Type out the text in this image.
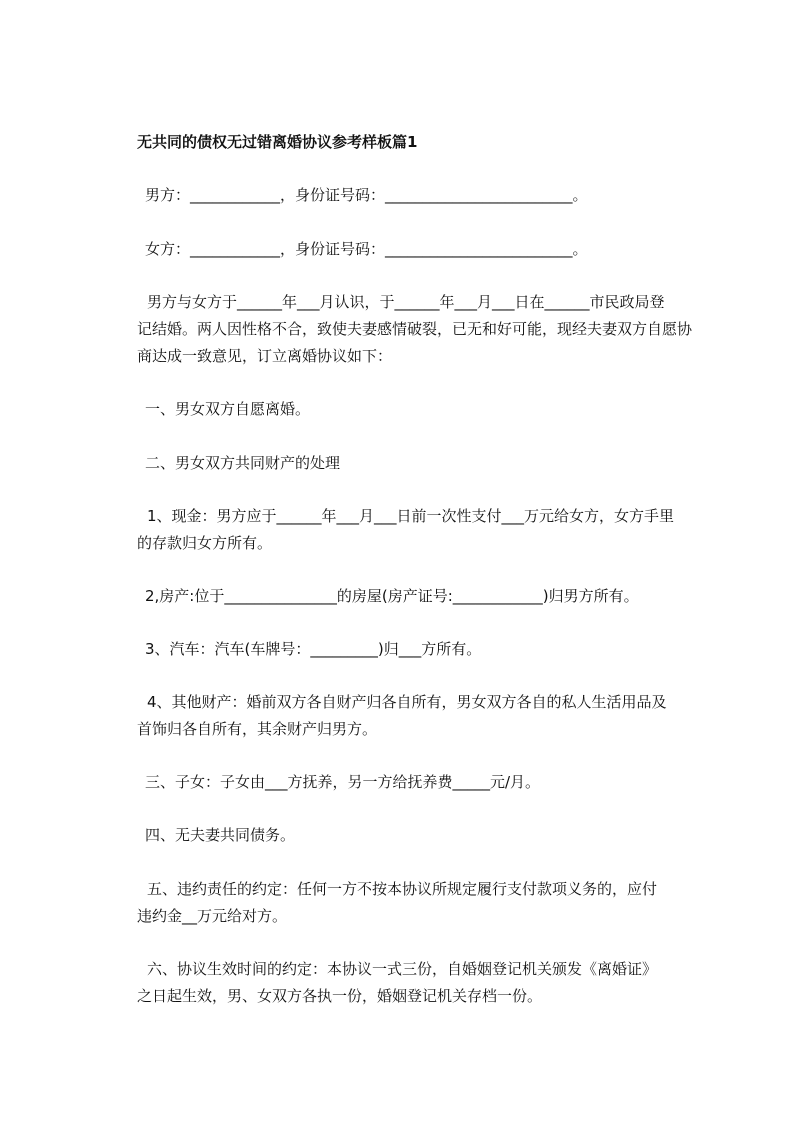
无共同的债权无过错离婚协议参考样板篇1
男方：____________，身份证号码：_________________________。
女方：____________，身份证号码：_________________________。
男方与女方于______年___月认识，于______年___月___日在______市民政局登
记结婚。两人因性格不合，致使夫妻感情破裂，已无和好可能，现经夫妻双方自愿协
商达成一致意见，订立离婚协议如下：
一、男女双方自愿离婚。
二、男女双方共同财产的处理
1、现金：男方应于______年___月___日前一次性支付___万元给女方，女方手里
的存款归女方所有。
2,房产:位于_______________的房屋(房产证号:____________)归男方所有。
3、汽车：汽车(车牌号：_________)归___方所有。
4、其他财产：婚前双方各自财产归各自所有，男女双方各自的私人生活用品及
首饰归各自所有，其余财产归男方。
三、子女：子女由___方抚养，另一方给抚养费_____元/月。
四、无夫妻共同债务。
五、违约责任的约定：任何一方不按本协议所规定履行支付款项义务的，应付
违约金__万元给对方。
六、协议生效时间的约定：本协议一式三份，自婚姻登记机关颁发《离婚证》
之日起生效，男、女双方各执一份，婚姻登记机关存档一份。
